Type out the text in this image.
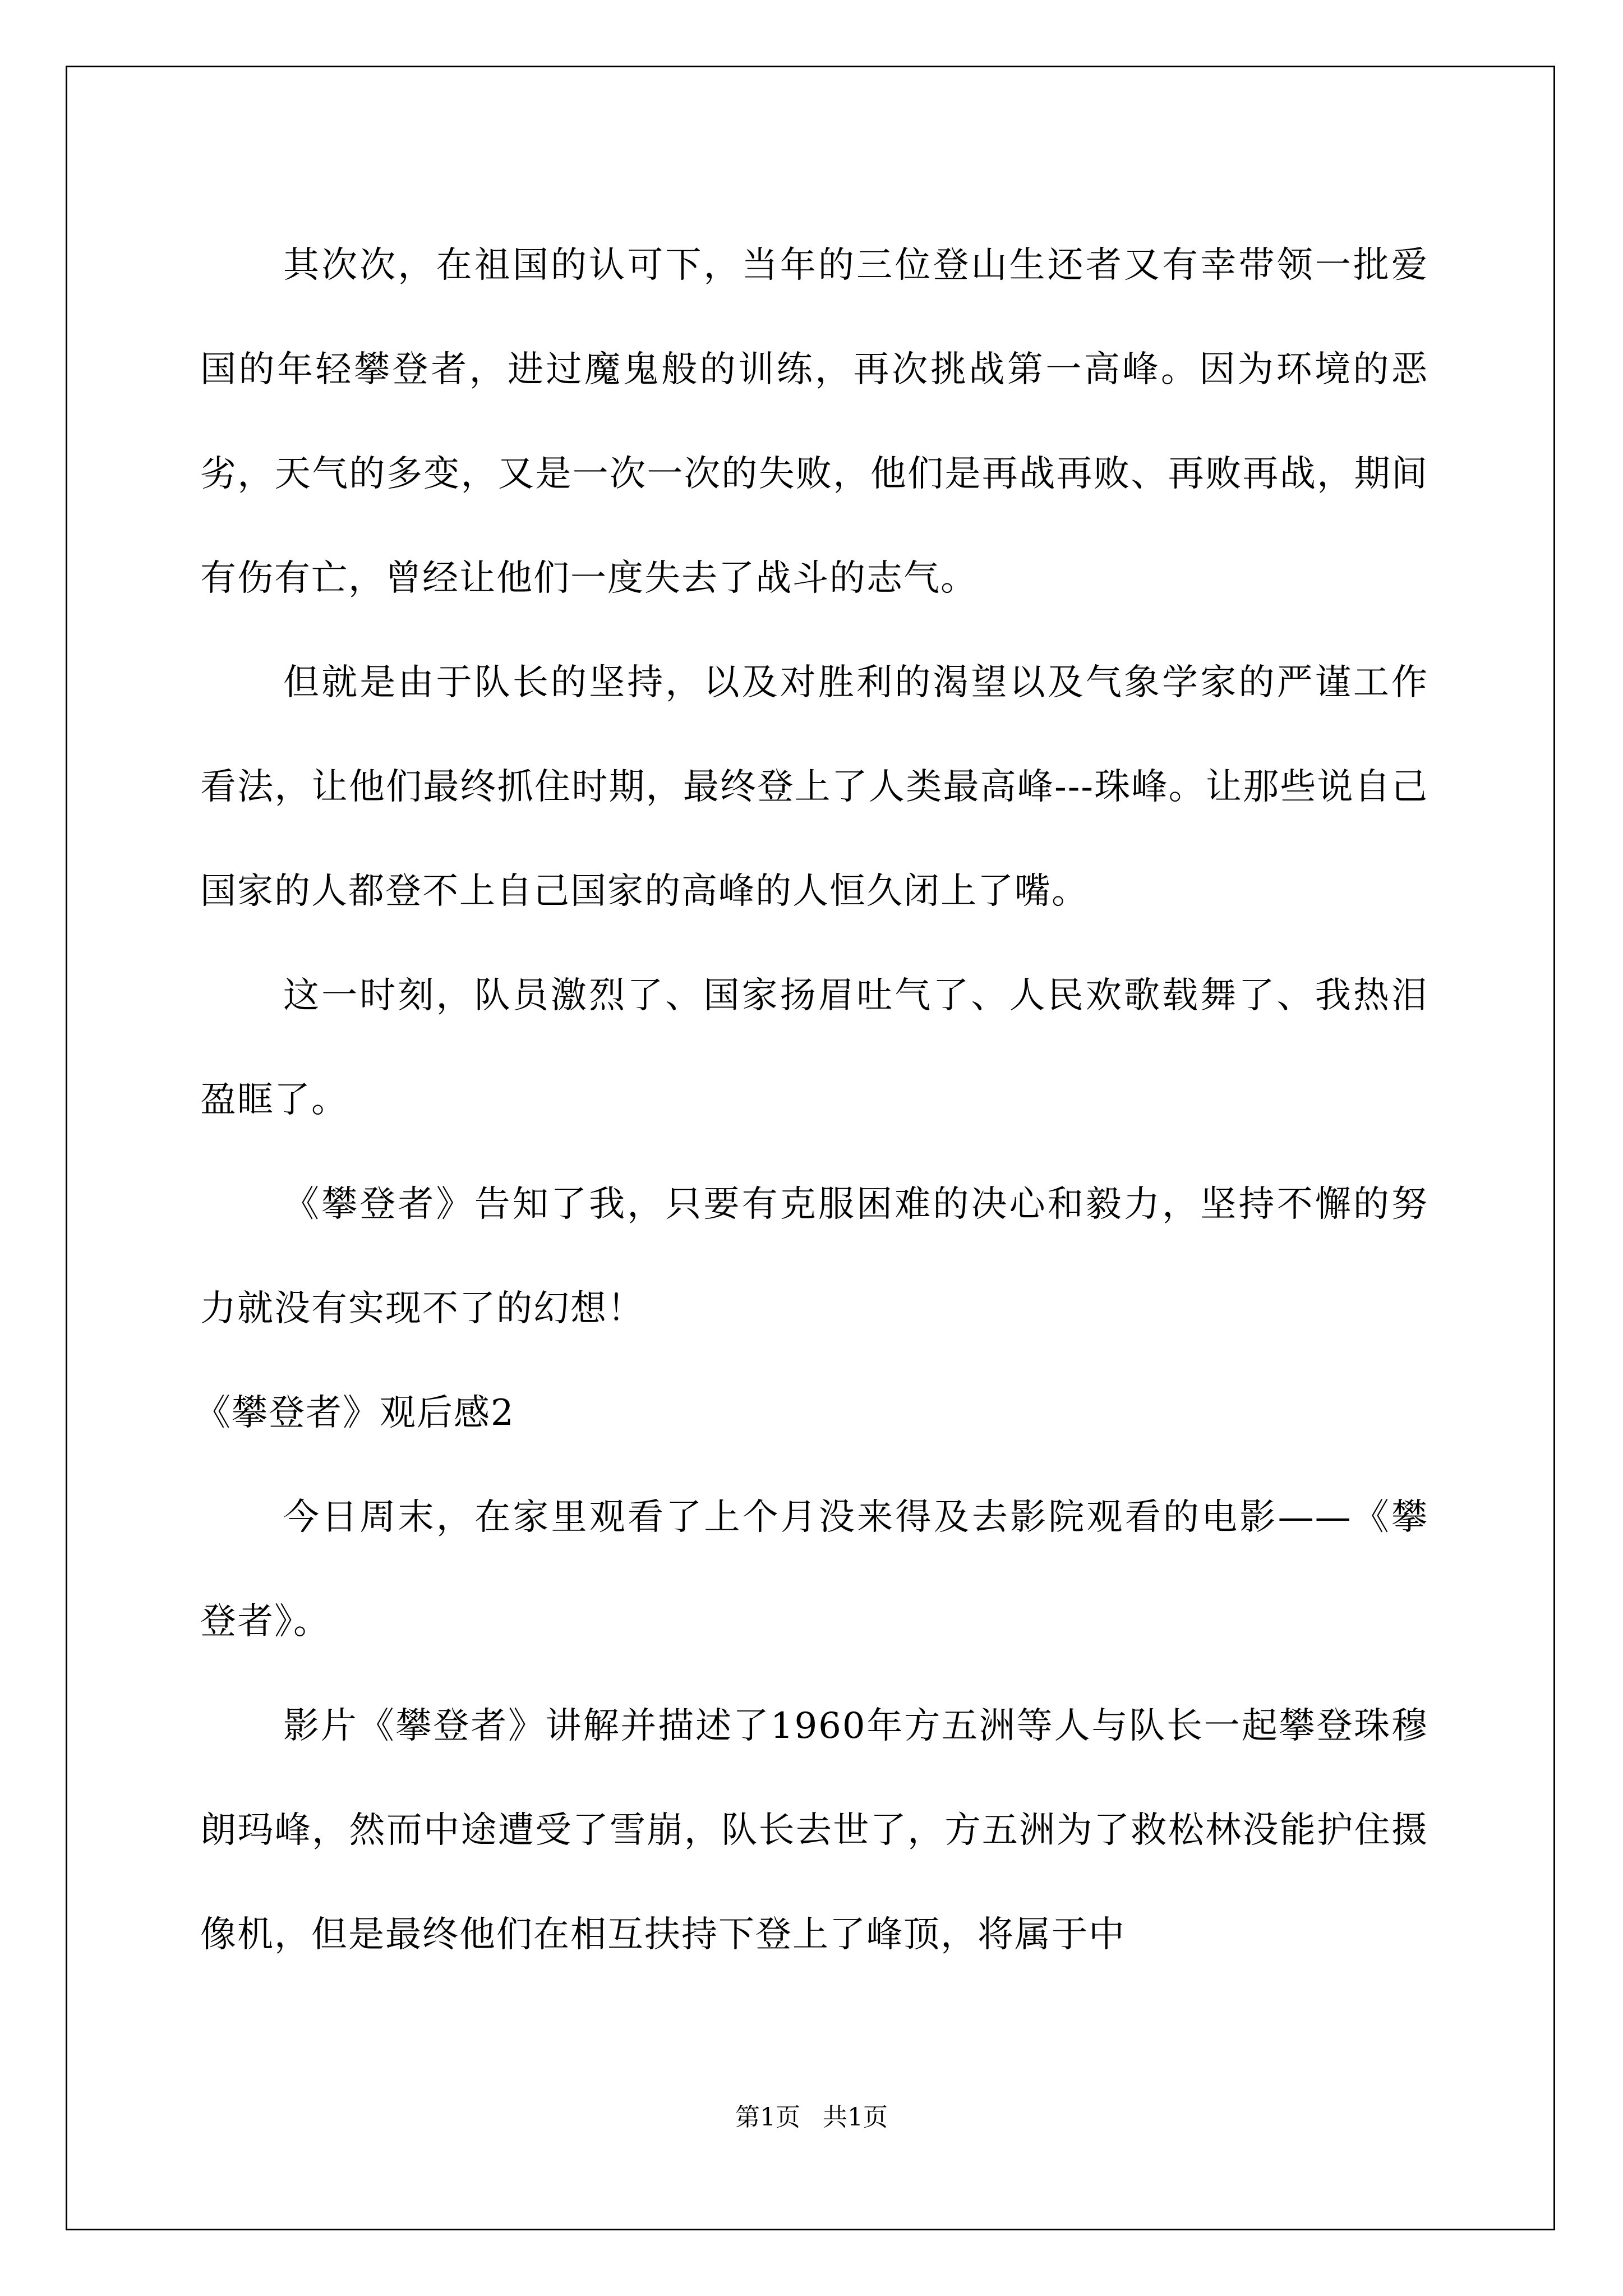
其次次，在祖国的认可下，当年的三位登山生还者又有幸带领一批爱国的年轻攀登者，进过魔鬼般的训练，再次挑战第一高峰。因为环境的恶劣，天气的多变，又是一次一次的失败，他们是再战再败、再败再战，期间有伤有亡，曾经让他们一度失去了战斗的志气。

但就是由于队长的坚持，以及对胜利的渴望以及气象学家的严谨工作看法，让他们最终抓住时期，最终登上了人类最高峰---珠峰。让那些说自己国家的人都登不上自己国家的高峰的人恒久闭上了嘴。

这一时刻，队员激烈了、国家扬眉吐气了、人民欢歌载舞了、我热泪盈眶了。

《攀登者》告知了我，只要有克服困难的决心和毅力，坚持不懈的努力就没有实现不了的幻想！

《攀登者》观后感2

今日周末，在家里观看了上个月没来得及去影院观看的电影——《攀登者》。

影片《攀登者》讲解并描述了1960年方五洲等人与队长一起攀登珠穆朗玛峰，然而中途遭受了雪崩，队长去世了，方五洲为了救松林没能护住摄像机，但是最终他们在相互扶持下登上了峰顶，将属于中

第1页 共1页
